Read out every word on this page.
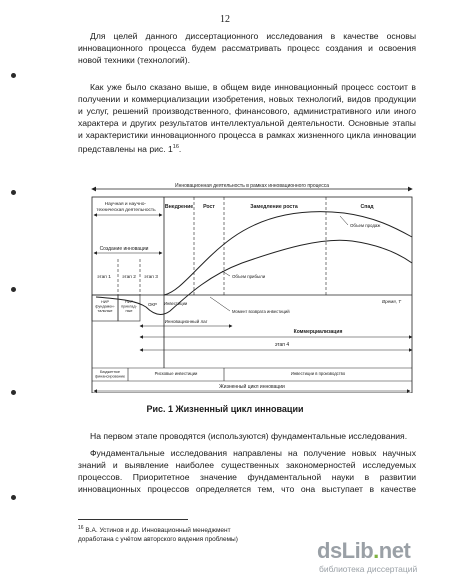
12
Для целей данного диссертационного исследования в качестве основы
инновационного процесса будем рассматривать процесс создания и освоения
новой техники (технологий).
Как уже было сказано выше, в общем виде инновационный процесс состоит в
получении и коммерциализации изобретения, новых технологий, видов продукции
и услуг, решений производственного, финансового, административного или иного
характера и других результатов интеллектуальной деятельности. Основные этапы
и характеристики инновационного процесса в рамках жизненного цикла инновации
представлены на рис. $1^{16}$.
Инновационная деятельность в рамках инновационного процесса
Научная и научно- техническая деятельность
Внедрение Рост	Замедление роста	Спад
Создание инновации
этап 1 этап 2 этап 3
Время, Т
Объем продаж
Объем прибыли
Инвестиции
Момент возврата инвестиций
НИР фундамен-тальные
НИР приклад-ные
ОКР
Инновационный лаг
Коммерциализация
этап 4
Бюджетное финансирование
Рисковые инвестиции	Инвестиции в производство
Жизненный цикл инновации
Рис. 1 Жизненный цикл инновации
На первом этапе проводятся (используются) фундаментальные исследования.
Фундаментальные исследования направлены на получение новых научных
знаний и выявление наиболее существенных закономерностей исследуемых
процессов. Приоритетное значение фундаментальной науки в развитии
инновационных процессов определяется тем, что она выступает в качестве
$^{16}$ В.А. Устинов и др. Инновационный менеджмент
доработана с учётом авторского видения проблемы)	dsLib.net
библиотека диссертаций
